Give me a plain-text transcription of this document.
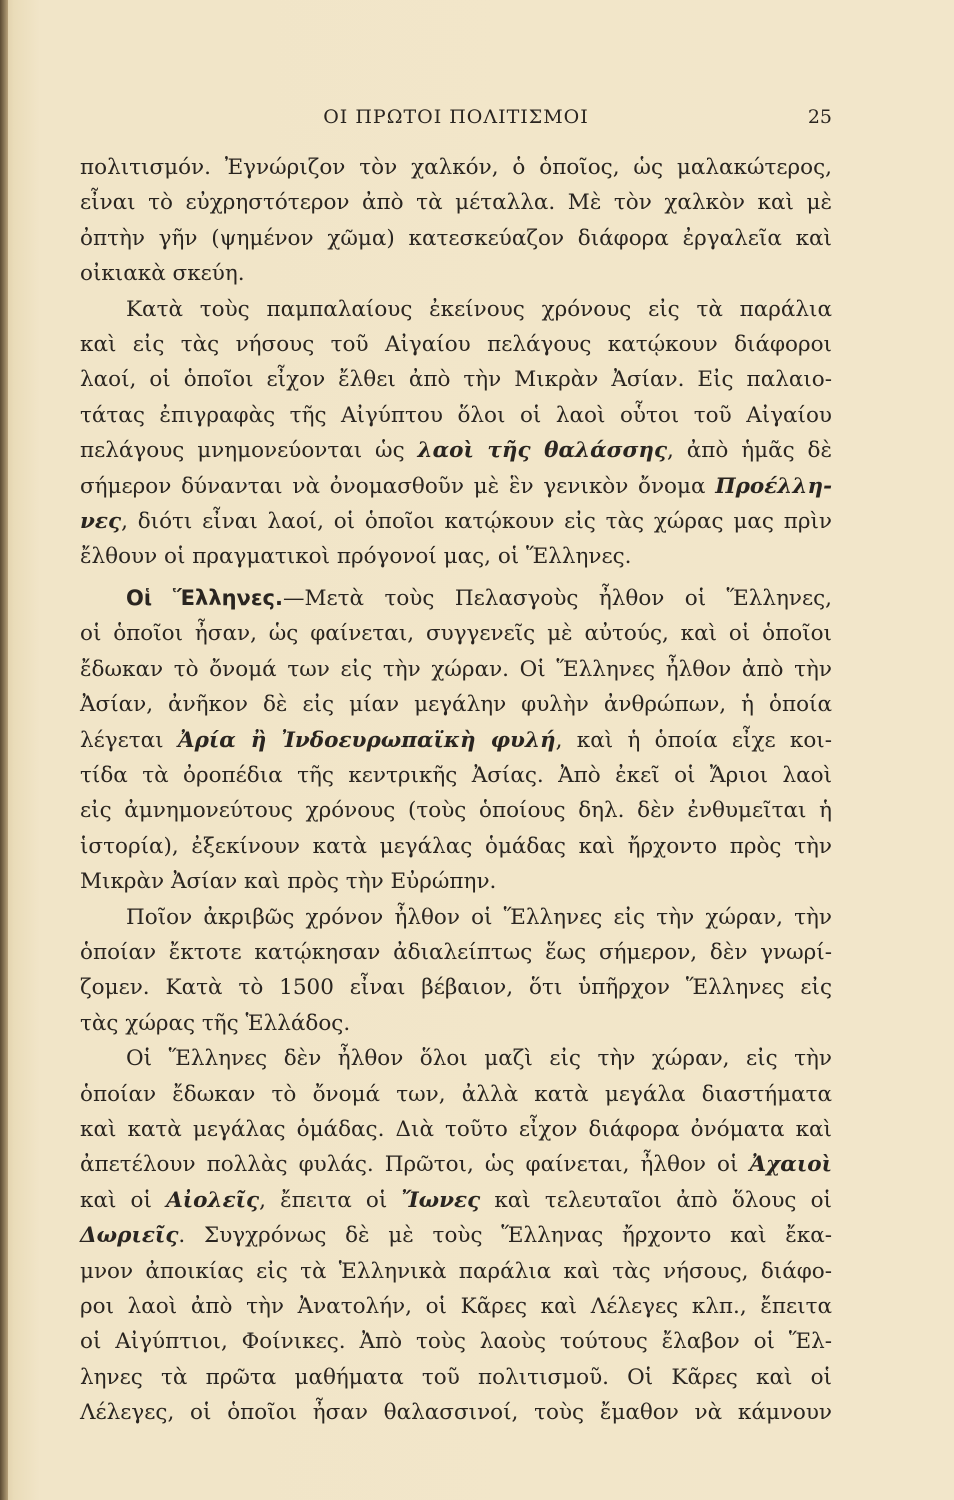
ΟΙ ΠΡΩΤΟΙ ΠΟΛΙΤΙΣΜΟΙ	25

πολιτισμόν. Ἐγνώριζον τὸν χαλκόν, ὁ ὁποῖος, ὡς μαλακώτερος,
εἶναι τὸ εὐχρηστότερον ἀπὸ τὰ μέταλλα. Μὲ τὸν χαλκὸν καὶ μὲ
ὀπτὴν γῆν (ψημένον χῶμα) κατεσκεύαζον διάφορα ἐργαλεῖα καὶ
οἰκιακὰ σκεύη.

Κατὰ τοὺς παμπαλαίους ἐκείνους χρόνους εἰς τὰ παράλια
καὶ εἰς τὰς νήσους τοῦ Αἰγαίου πελάγους κατῴκουν διάφοροι
λαοί, οἱ ὁποῖοι εἶχον ἔλθει ἀπὸ τὴν Μικρὰν Ἀσίαν. Εἰς παλαιο-
τάτας ἐπιγραφὰς τῆς Αἰγύπτου ὅλοι οἱ λαοὶ οὗτοι τοῦ Αἰγαίου
πελάγους μνημονεύονται ὡς λαοὶ τῆς θαλάσσης, ἀπὸ ἡμᾶς δὲ
σήμερον δύνανται νὰ ὀνομασθοῦν μὲ ἓν γενικὸν ὄνομα Προέλλη-
νες, διότι εἶναι λαοί, οἱ ὁποῖοι κατῴκουν εἰς τὰς χώρας μας πρὶν
ἔλθουν οἱ πραγματικοὶ πρόγονοί μας, οἱ Ἕλληνες.

Οἱ Ἕλληνες.—Μετὰ τοὺς Πελασγοὺς ἦλθον οἱ Ἕλληνες,
οἱ ὁποῖοι ἦσαν, ὡς φαίνεται, συγγενεῖς μὲ αὐτούς, καὶ οἱ ὁποῖοι
ἔδωκαν τὸ ὄνομά των εἰς τὴν χώραν. Οἱ Ἕλληνες ἦλθον ἀπὸ τὴν
Ἀσίαν, ἀνῆκον δὲ εἰς μίαν μεγάλην φυλὴν ἀνθρώπων, ἡ ὁποία
λέγεται Ἀρία ἢ Ἰνδοευρωπαϊκὴ φυλή, καὶ ἡ ὁποία εἶχε κοι-
τίδα τὰ ὀροπέδια τῆς κεντρικῆς Ἀσίας. Ἀπὸ ἐκεῖ οἱ Ἄριοι λαοὶ
εἰς ἀμνημονεύτους χρόνους (τοὺς ὁποίους δηλ. δὲν ἐνθυμεῖται ἡ
ἱστορία), ἐξεκίνουν κατὰ μεγάλας ὁμάδας καὶ ἤρχοντο πρὸς τὴν
Μικρὰν Ἀσίαν καὶ πρὸς τὴν Εὐρώπην.

Ποῖον ἀκριβῶς χρόνον ἦλθον οἱ Ἕλληνες εἰς τὴν χώραν, τὴν
ὁποίαν ἔκτοτε κατῴκησαν ἀδιαλείπτως ἕως σήμερον, δὲν γνωρί-
ζομεν. Κατὰ τὸ 1500 εἶναι βέβαιον, ὅτι ὑπῆρχον Ἕλληνες εἰς
τὰς χώρας τῆς Ἑλλάδος.

Οἱ Ἕλληνες δὲν ἦλθον ὅλοι μαζὶ εἰς τὴν χώραν, εἰς τὴν
ὁποίαν ἔδωκαν τὸ ὄνομά των, ἀλλὰ κατὰ μεγάλα διαστήματα
καὶ κατὰ μεγάλας ὁμάδας. Διὰ τοῦτο εἶχον διάφορα ὀνόματα καὶ
ἀπετέλουν πολλὰς φυλάς. Πρῶτοι, ὡς φαίνεται, ἦλθον οἱ Ἀχαιοὶ
καὶ οἱ Αἰολεῖς, ἔπειτα οἱ Ἴωνες καὶ τελευταῖοι ἀπὸ ὅλους οἱ
Δωριεῖς. Συγχρόνως δὲ μὲ τοὺς Ἕλληνας ἤρχοντο καὶ ἔκα-
μνον ἀποικίας εἰς τὰ Ἑλληνικὰ παράλια καὶ τὰς νήσους, διάφο-
ροι λαοὶ ἀπὸ τὴν Ἀνατολήν, οἱ Κᾶρες καὶ Λέλεγες κλπ., ἔπειτα
οἱ Αἰγύπτιοι, Φοίνικες. Ἀπὸ τοὺς λαοὺς τούτους ἔλαβον οἱ Ἕλ-
ληνες τὰ πρῶτα μαθήματα τοῦ πολιτισμοῦ. Οἱ Κᾶρες καὶ οἱ
Λέλεγες, οἱ ὁποῖοι ἦσαν θαλασσινοί, τοὺς ἔμαθον νὰ κάμνουν
